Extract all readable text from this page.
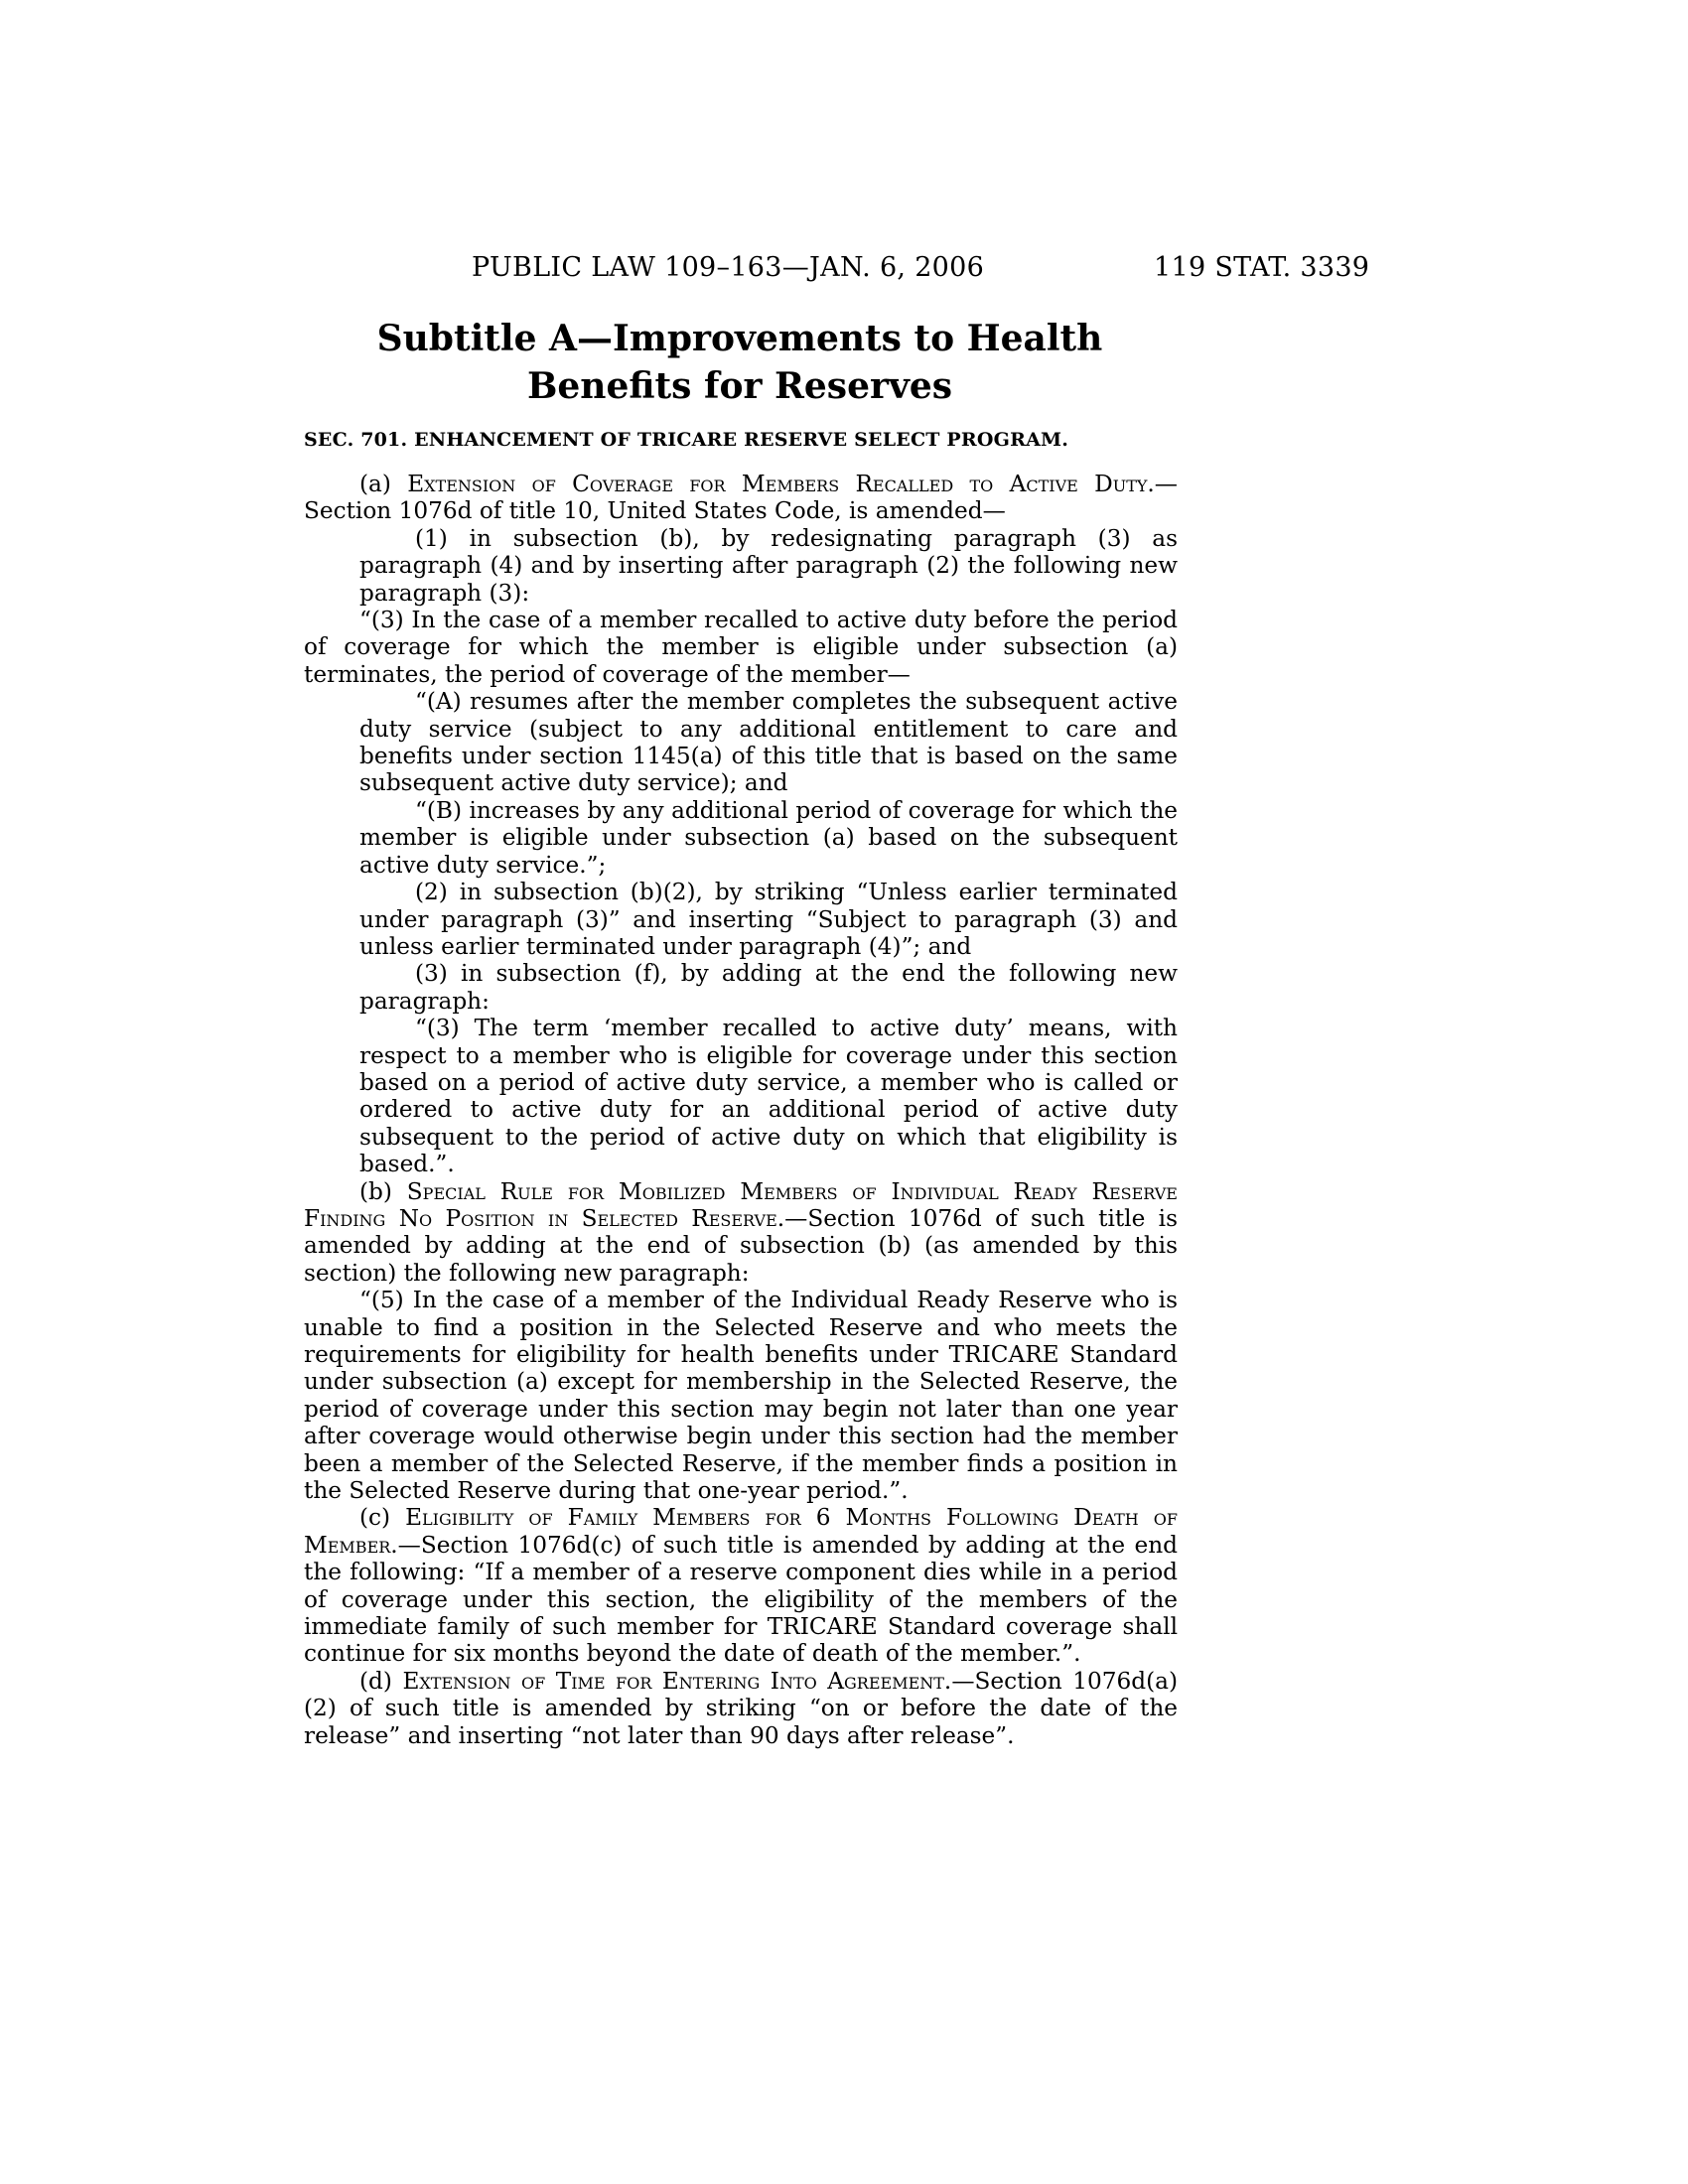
PUBLIC LAW 109–163—JAN. 6, 2006	119 STAT. 3339
Subtitle A—Improvements to Health
Benefits for Reserves
SEC. 701. ENHANCEMENT OF TRICARE RESERVE SELECT PROGRAM.

(a) Extension of Coverage for Members Recalled to Active Duty.—Section 1076d of title 10, United States Code, is amended—

(1) in subsection (b), by redesignating paragraph (3) as paragraph (4) and by inserting after paragraph (2) the following new paragraph (3):

“(3) In the case of a member recalled to active duty before the period of coverage for which the member is eligible under subsection (a) terminates, the period of coverage of the member—

“(A) resumes after the member completes the subsequent active duty service (subject to any additional entitlement to care and benefits under section 1145(a) of this title that is based on the same subsequent active duty service); and

“(B) increases by any additional period of coverage for which the member is eligible under subsection (a) based on the subsequent active duty service.”;

(2) in subsection (b)(2), by striking “Unless earlier terminated under paragraph (3)” and inserting “Subject to paragraph (3) and unless earlier terminated under paragraph (4)”; and

(3) in subsection (f), by adding at the end the following new paragraph:

“(3) The term ‘member recalled to active duty’ means, with respect to a member who is eligible for coverage under this section based on a period of active duty service, a member who is called or ordered to active duty for an additional period of active duty subsequent to the period of active duty on which that eligibility is based.”.

(b) Special Rule for Mobilized Members of Individual Ready Reserve Finding No Position in Selected Reserve.—Section 1076d of such title is amended by adding at the end of subsection (b) (as amended by this section) the following new paragraph:

“(5) In the case of a member of the Individual Ready Reserve who is unable to find a position in the Selected Reserve and who meets the requirements for eligibility for health benefits under TRICARE Standard under subsection (a) except for membership in the Selected Reserve, the period of coverage under this section may begin not later than one year after coverage would otherwise begin under this section had the member been a member of the Selected Reserve, if the member finds a position in the Selected Reserve during that one-year period.”.

(c) Eligibility of Family Members for 6 Months Following Death of Member.—Section 1076d(c) of such title is amended by adding at the end the following: “If a member of a reserve component dies while in a period of coverage under this section, the eligibility of the members of the immediate family of such member for TRICARE Standard coverage shall continue for six months beyond the date of death of the member.”.

(d) Extension of Time for Entering Into Agreement.—Section 1076d(a)(2) of such title is amended by striking “on or before the date of the release” and inserting “not later than 90 days after release”.
